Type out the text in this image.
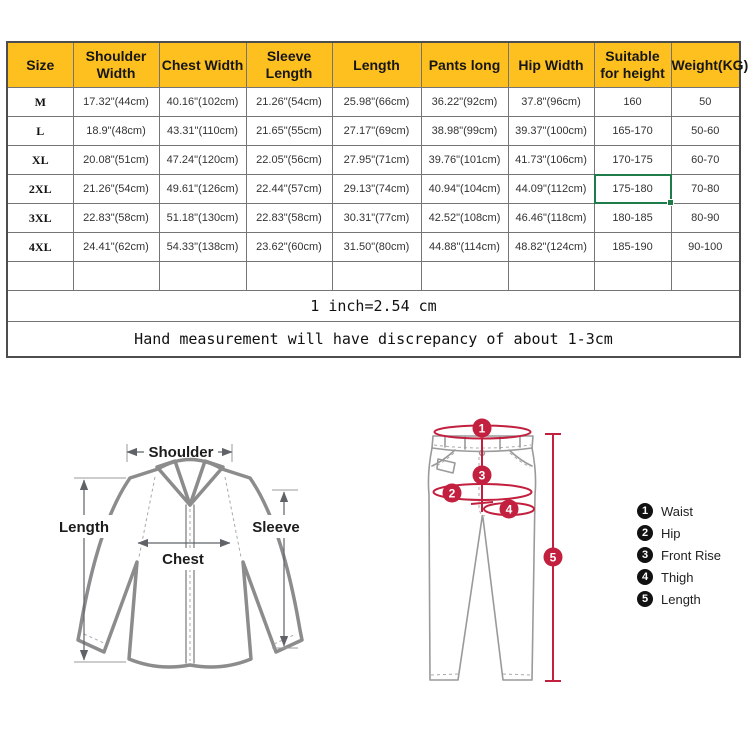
Size	Shoulder Width	Chest Width	Sleeve Length	Length	Pants long	Hip Width	Suitable for height	Weight(KG)
M	17.32"(44cm)	40.16"(102cm)	21.26"(54cm)	25.98"(66cm)	36.22"(92cm)	37.8"(96cm)	160	50
L	18.9"(48cm)	43.31"(110cm)	21.65"(55cm)	27.17"(69cm)	38.98"(99cm)	39.37"(100cm)	165-170	50-60
XL	20.08"(51cm)	47.24"(120cm)	22.05"(56cm)	27.95"(71cm)	39.76"(101cm)	41.73"(106cm)	170-175	60-70
2XL	21.26"(54cm)	49.61"(126cm)	22.44"(57cm)	29.13"(74cm)	40.94"(104cm)	44.09"(112cm)	175-180	70-80
3XL	22.83"(58cm)	51.18"(130cm)	22.83"(58cm)	30.31"(77cm)	42.52"(108cm)	46.46"(118cm)	180-185	80-90
4XL	24.41"(62cm)	54.33"(138cm)	23.62"(60cm)	31.50"(80cm)	44.88"(114cm)	48.82"(124cm)	185-190	90-100

1 inch=2.54 cm								
Hand measurement will have discrepancy of about 1-3cm								
Shoulder
Length
Chest
Sleeve
1
2
3
4
5
1 Waist
2 Hip
3 Front Rise
4 Thigh
5 Length
